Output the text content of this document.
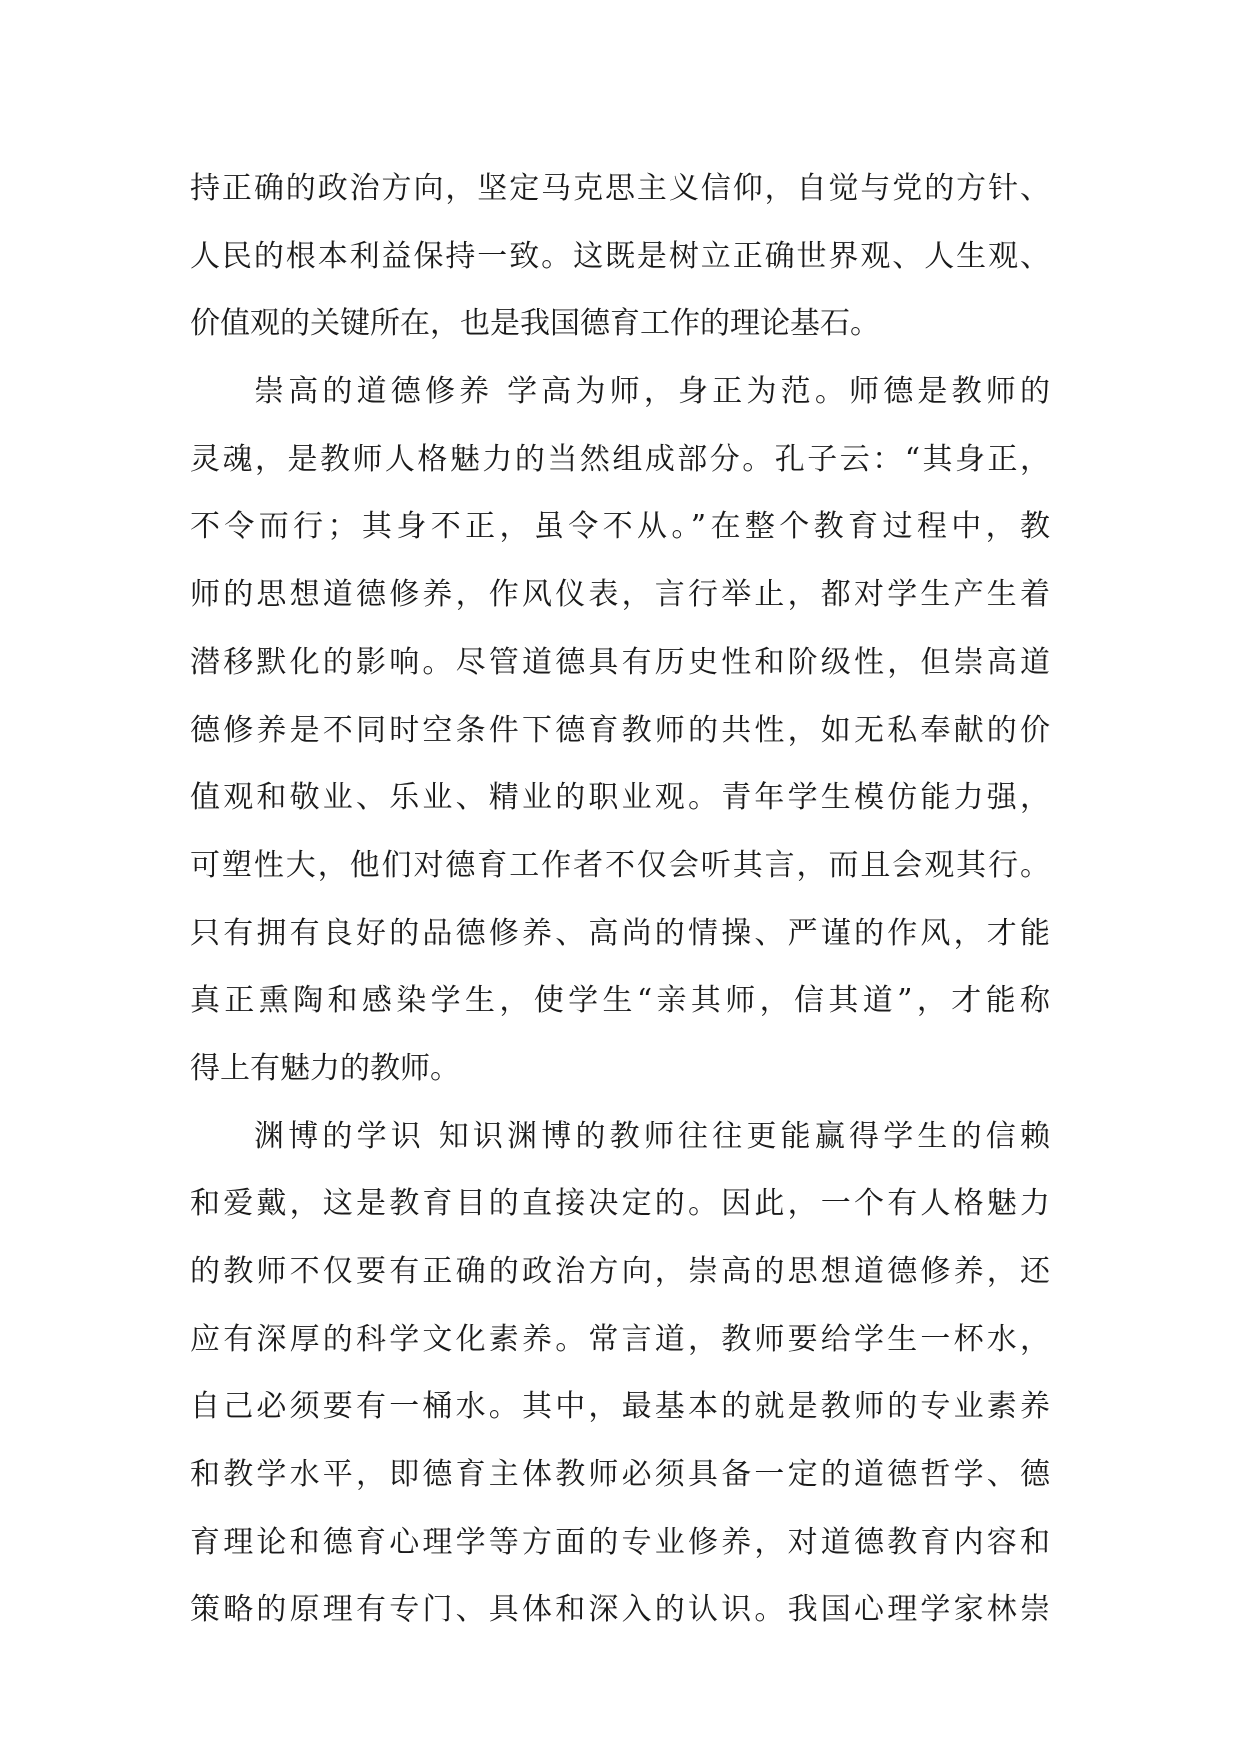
持正确的政治方向，坚定马克思主义信仰，自觉与党的方针、
人民的根本利益保持一致。这既是树立正确世界观、人生观、
价值观的关键所在，也是我国德育工作的理论基石。
崇高的道德修养 学高为师，身正为范。师德是教师的
灵魂，是教师人格魅力的当然组成部分。孔子云：“其身正，
不令而行；其身不正，虽令不从。”在整个教育过程中，教
师的思想道德修养，作风仪表，言行举止，都对学生产生着
潜移默化的影响。尽管道德具有历史性和阶级性，但崇高道
德修养是不同时空条件下德育教师的共性，如无私奉献的价
值观和敬业、乐业、精业的职业观。青年学生模仿能力强，
可塑性大，他们对德育工作者不仅会听其言，而且会观其行。
只有拥有良好的品德修养、高尚的情操、严谨的作风，才能
真正熏陶和感染学生，使学生“亲其师，信其道”，才能称
得上有魅力的教师。
渊博的学识 知识渊博的教师往往更能赢得学生的信赖
和爱戴，这是教育目的直接决定的。因此，一个有人格魅力
的教师不仅要有正确的政治方向，崇高的思想道德修养，还
应有深厚的科学文化素养。常言道，教师要给学生一杯水，
自己必须要有一桶水。其中，最基本的就是教师的专业素养
和教学水平，即德育主体教师必须具备一定的道德哲学、德
育理论和德育心理学等方面的专业修养，对道德教育内容和
策略的原理有专门、具体和深入的认识。我国心理学家林崇
